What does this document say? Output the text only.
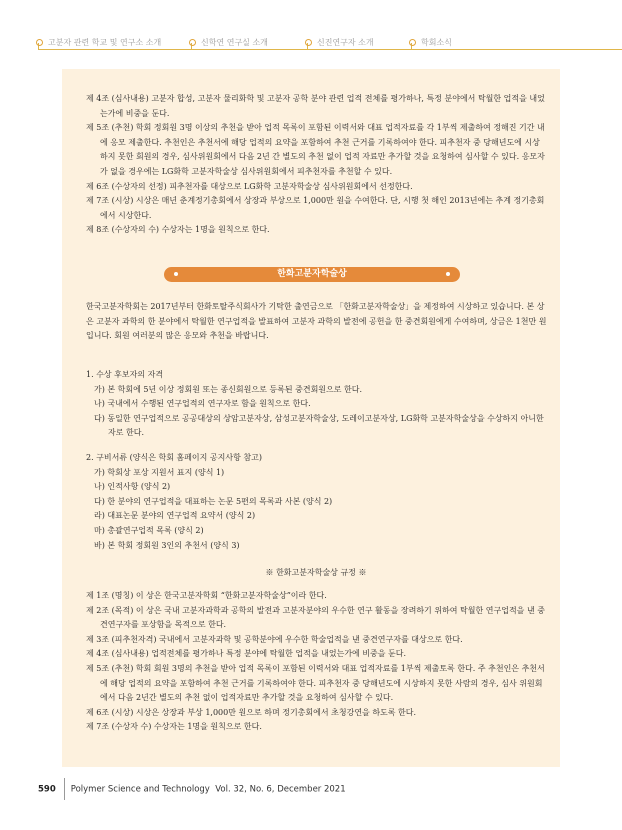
고분자 관련 학교 및 연구소 소개	신학연 연구실 소개	신진연구자 소개	학회소식
제 4조 (심사내용) 고분자 합성, 고분자 물리화학 및 고분자 공학 분야 관련 업적 전체를 평가하나, 특정 분야에서 탁월한 업적을 내었는가에 비중을 둔다.
제 5조 (추천) 학회 정회원 3명 이상의 추천을 받아 업적 목록이 포함된 이력서와 대표 업적자료를 각 1부씩 제출하여 정해진 기간 내에 응모 제출한다. 추천인은 추천서에 해당 업적의 요약을 포함하여 추천 근거를 기록하여야 한다. 피추천자 중 당해년도에 시상하지 못한 회원의 경우, 심사위원회에서 다음 2년 간 별도의 추천 없이 업적 자료만 추가할 것을 요청하여 심사할 수 있다. 응모자가 없을 경우에는 LG화학 고분자학술상 심사위원회에서 피추천자를 추천할 수 있다.
제 6조 (수상자의 선정) 피추천자를 대상으로 LG화학 고분자학술상 심사위원회에서 선정한다.
제 7조 (시상) 시상은 매년 춘계정기총회에서 상장과 부상으로 1,000만 원을 수여한다. 단, 시행 첫 해인 2013년에는 추계 정기총회에서 시상한다.
제 8조 (수상자의 수) 수상자는 1명을 원칙으로 한다.
한화고분자학술상
한국고분자학회는 2017년부터 한화토탈주식회사가 기탁한 출연금으로 「한화고분자학술상」을 제정하여 시상하고 있습니다. 본 상은 고분자 과학의 한 분야에서 탁월한 연구업적을 발표하여 고분자 과학의 발전에 공헌을 한 중견회원에게 수여하며, 상금은 1천만 원입니다. 회원 여러분의 많은 응모와 추천을 바랍니다.
1. 수상 후보자의 자격
가) 본 학회에 5년 이상 정회원 또는 종신회원으로 등록된 중견회원으로 한다.
나) 국내에서 수행된 연구업적의 연구자로 함을 원칙으로 한다.
다) 동일한 연구업적으로 공공대상의 상암고분자상, 삼성고분자학술상, 도레이고분자상, LG화학 고분자학술상을 수상하지 아니한 자로 한다.
2. 구비서류 (양식은 학회 홈페이지 공지사항 참고)
가) 학회상 포상 지원서 표지 (양식 1)
나) 인적사항 (양식 2)
다) 한 분야의 연구업적을 대표하는 논문 5편의 목록과 사본 (양식 2)
라) 대표논문 분야의 연구업적 요약서 (양식 2)
마) 총괄연구업적 목록 (양식 2)
바) 본 학회 정회원 3인의 추천서 (양식 3)
※ 한화고분자학술상 규정 ※
제 1조 (명칭) 이 상은 한국고분자학회 “한화고분자학술상”이라 한다.
제 2조 (목적) 이 상은 국내 고분자과학과 공학의 발전과 고분자분야의 우수한 연구 활동을 장려하기 위하여 탁월한 연구업적을 낸 중견연구자를 포상함을 목적으로 한다.
제 3조 (피추천자격) 국내에서 고분자과학 및 공학분야에 우수한 학술업적을 낸 중견연구자를 대상으로 한다.
제 4조 (심사내용) 업적전체를 평가하나 특정 분야에 탁월한 업적을 내었는가에 비중을 둔다.
제 5조 (추천) 학회 회원 3명의 추천을 받아 업적 목록이 포함된 이력서와 대표 업적자료를 1부씩 제출토록 한다. 주 추천인은 추천서에 해당 업적의 요약을 포함하여 추천 근거를 기록하여야 한다. 피추천자 중 당해년도에 시상하지 못한 사람의 경우, 심사 위원회에서 다음 2년간 별도의 추천 없이 업적자료만 추가할 것을 요청하여 심사할 수 있다.
제 6조 (시상) 시상은 상장과 부상 1,000만 원으로 하며 정기총회에서 초청강연을 하도록 한다.
제 7조 (수상자 수) 수상자는 1명을 원칙으로 한다.
590 Polymer Science and Technology Vol. 32, No. 6, December 2021
